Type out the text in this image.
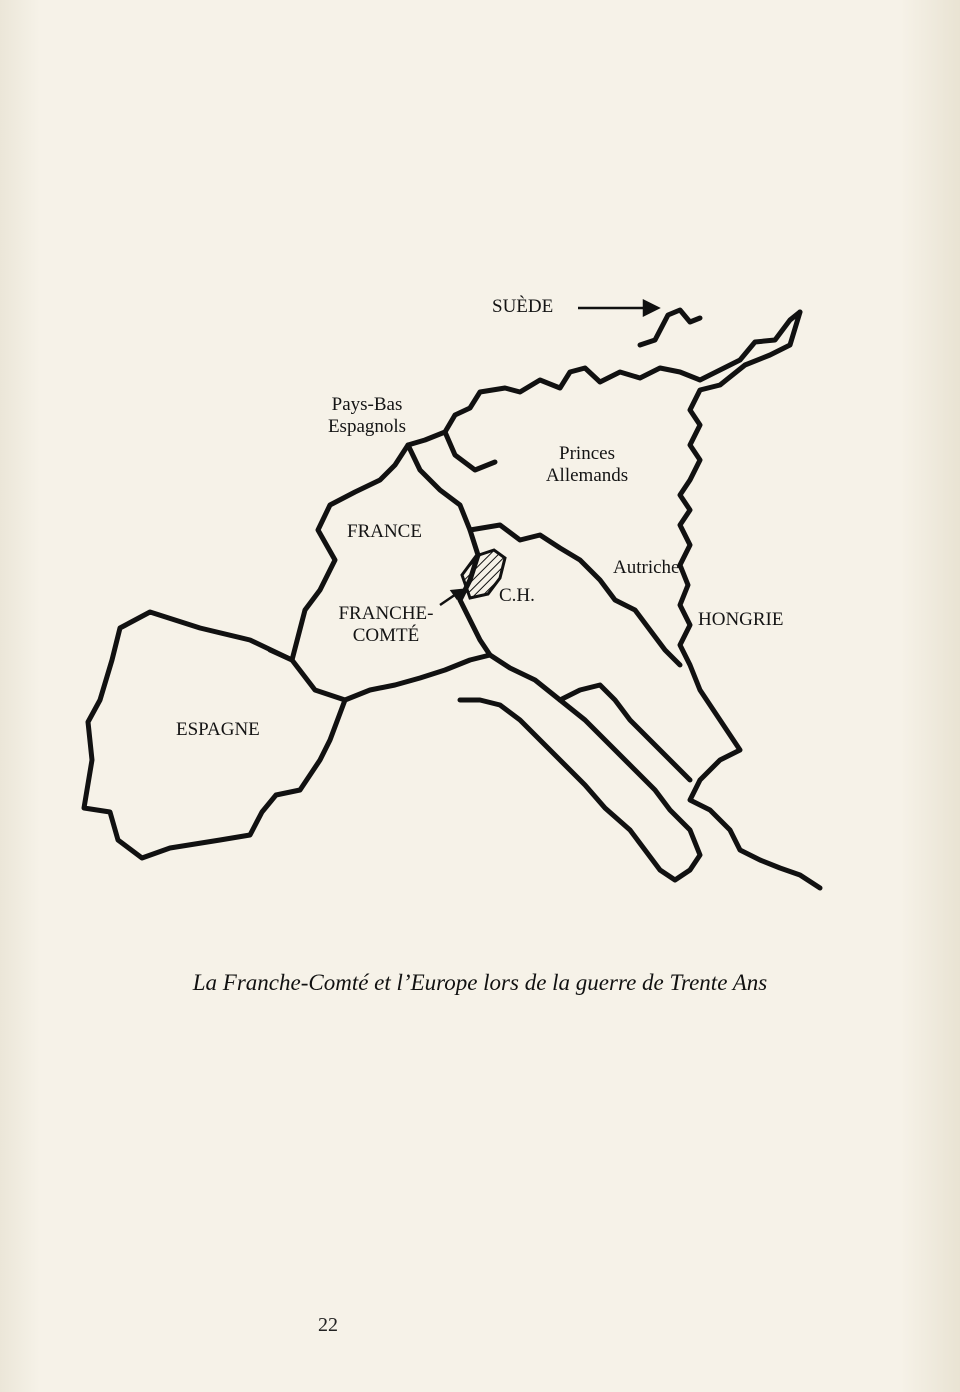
SUÈDE
Pays-Bas
Espagnols
Princes
Allemands
FRANCE
Autriche
C.H.
FRANCHE-
COMTÉ
HONGRIE
ESPAGNE
La Franche-Comté et l’Europe lors de la guerre de Trente Ans
22
